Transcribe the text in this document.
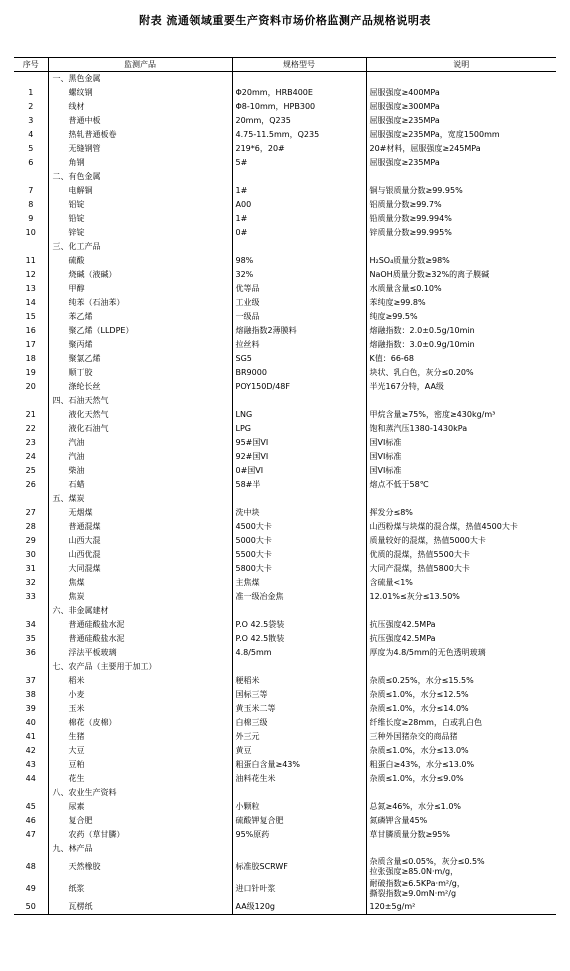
附表 流通领域重要生产资料市场价格监测产品规格说明表
序号	监测产品	规格型号	说明
	一、黑色金属		
1	螺纹钢	Φ20mm，HRB400E	屈服强度≥400MPa

2	线材	Φ8-10mm，HPB300	屈服强度≥300MPa

3	普通中板	20mm，Q235	屈服强度≥235MPa

4	热轧普通板卷	4.75-11.5mm，Q235	屈服强度≥235MPa，宽度1500mm

5	无缝钢管	219*6，20#	20#材料，屈服强度≥245MPa

6	角钢	5#	屈服强度≥235MPa

	二、有色金属		
7	电解铜	1#	铜与银质量分数≥99.95%

8	铝锭	A00	铝质量分数≥99.7%

9	铅锭	1#	铅质量分数≥99.994%

10	锌锭	0#	锌质量分数≥99.995%

	三、化工产品		
11	硫酸	98%	H₂SO₄质量分数≥98%

12	烧碱（液碱）	32%	NaOH质量分数≥32%的离子膜碱

13	甲醇	优等品	水质量含量≤0.10%

14	纯苯（石油苯）	工业级	苯纯度≥99.8%

15	苯乙烯	一级品	纯度≥99.5%

16	聚乙烯（LLDPE）	熔融指数2薄膜料	熔融指数：2.0±0.5g/10min

17	聚丙烯	拉丝料	熔融指数：3.0±0.9g/10min

18	聚氯乙烯	SG5	K值：66-68

19	顺丁胶	BR9000	块状、乳白色，灰分≤0.20%

20	涤纶长丝	POY150D/48F	半光167分特，AA级

	四、石油天然气		
21	液化天然气	LNG	甲烷含量≥75%，密度≥430kg/m³

22	液化石油气	LPG	饱和蒸汽压1380-1430kPa

23	汽油	95#国VI	国VI标准

24	汽油	92#国VI	国VI标准

25	柴油	0#国VI	国VI标准

26	石蜡	58#半	熔点不低于58℃

	五、煤炭		
27	无烟煤	洗中块	挥发分≤8%

28	普通混煤	4500大卡	山西粉煤与块煤的混合煤，热值4500大卡

29	山西大混	5000大卡	质量较好的混煤，热值5000大卡

30	山西优混	5500大卡	优质的混煤，热值5500大卡

31	大同混煤	5800大卡	大同产混煤，热值5800大卡

32	焦煤	主焦煤	含硫量<1%

33	焦炭	准一级冶金焦	12.01%≤灰分≤13.50%

	六、非金属建材		
34	普通硅酸盐水泥	P.O 42.5袋装	抗压强度42.5MPa

35	普通硅酸盐水泥	P.O 42.5散装	抗压强度42.5MPa

36	浮法平板玻璃	4.8/5mm	厚度为4.8/5mm的无色透明玻璃

	七、农产品（主要用于加工）		
37	稻米	粳稻米	杂质≤0.25%，水分≤15.5%

38	小麦	国标三等	杂质≤1.0%，水分≤12.5%

39	玉米	黄玉米二等	杂质≤1.0%，水分≤14.0%

40	棉花（皮棉）	白棉三级	纤维长度≥28mm，白或乳白色

41	生猪	外三元	三种外国猪杂交的商品猪

42	大豆	黄豆	杂质≤1.0%，水分≤13.0%

43	豆粕	粗蛋白含量≥43%	粗蛋白≥43%，水分≤13.0%

44	花生	油料花生米	杂质≤1.0%，水分≤9.0%

	八、农业生产资料		
45	尿素	小颗粒	总氮≥46%，水分≤1.0%

46	复合肥	硫酸钾复合肥	氮磷钾含量45%

47	农药（草甘膦）	95%原药	草甘膦质量分数≥95%

	九、林产品		
48	天然橡胶	标准胶SCRWF	杂质含量≤0.05%，灰分≤0.5%
拉张强度≥85.0N·m/g，

49	纸浆	进口针叶浆	耐破指数≥6.5KPa·m²/g，
撕裂指数≥9.0mN·m²/g

50	瓦楞纸	AA级120g	120±5g/m²
